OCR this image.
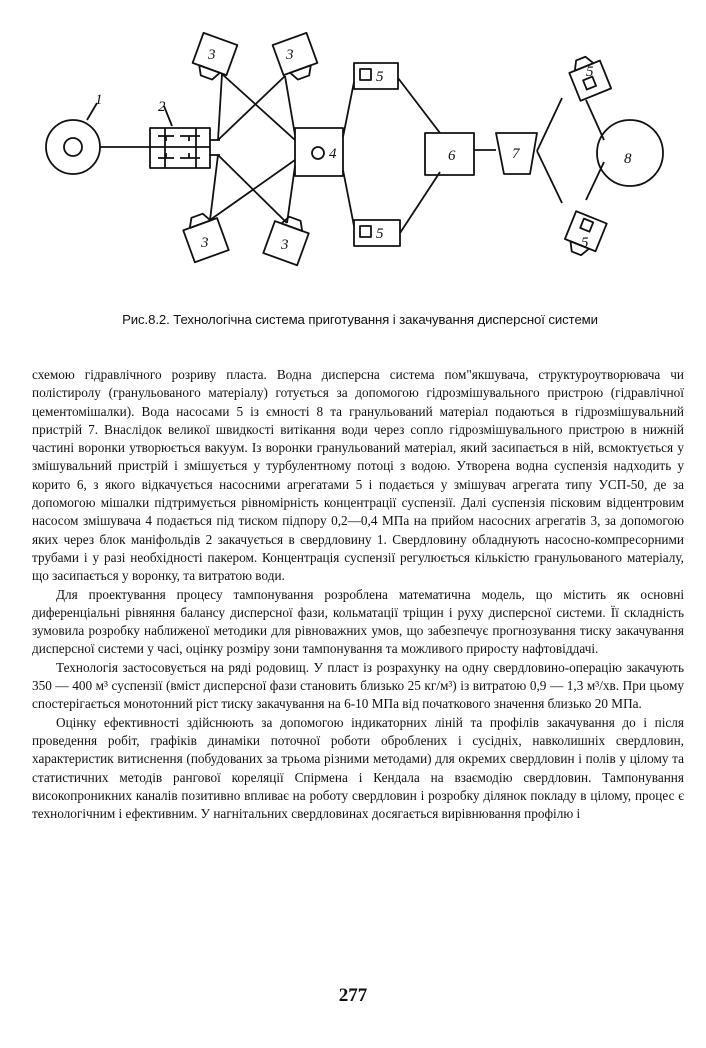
1	2
3	3
3	3
4
5
5
6	7
5
5
8
Рис.8.2. Технологічна система приготування і закачування дисперсної системи

схемою гідравлічного розриву пласта. Водна дисперсна система пом"якшувача, структуроутворювача чи полістиролу (гранульованого матеріалу) готується за допомогою гідрозмішувального пристрою (гідравлічної цементомішалки). Вода насосами 5 із ємності 8 та гранульований матеріал подаються в гідрозмішувальний пристрій 7. Внаслідок великої швидкості витікання води через сопло гідрозмішувального пристрою в нижній частині воронки утворюється вакуум. Із воронки гранульований матеріал, який засипається в ній, всмоктується у змішувальний пристрій і змішується у турбулентному потоці з водою. Утворена водна суспензія надходить у корито 6, з якого відкачується насосними агрегатами 5 і подається у змішувач агрегата типу УСП-50, де за допомогою мішалки підтримується рівномірність концентрації суспензії. Далі суспензія пісковим відцентровим насосом змішувача 4 подається під тиском підпору 0,2—0,4 МПа на прийом насосних агрегатів 3, за допомогою яких через блок маніфольдів 2 закачується в свердловину 1. Свердловину обладнують насосно-компресорними трубами і у разі необхідності пакером. Концентрація суспензії регулюється кількістю гранульованого матеріалу, що засипається у воронку, та витратою води.

Для проектування процесу тампонування розроблена математична модель, що містить як основні диференціальні рівняння балансу дисперсної фази, кольматації тріщин і руху дисперсної системи. Її складність зумовила розробку наближеної методики для рівноважних умов, що забезпечує прогнозування тиску закачування дисперсної системи у часі, оцінку розміру зони тампонування та можливого приросту нафтовіддачі.

Технологія застосовується на ряді родовищ. У пласт із розрахунку на одну свердловино-операцію закачують 350 — 400 м³ суспензії (вміст дисперсної фази становить близько 25 кг/м³) із витратою 0,9 — 1,3 м³/хв. При цьому споcтерігається монотонний ріст тиску закачування на 6-10 МПа від початкового значення близько 20 МПа.

Оцінку ефективності здійснюють за допомогою індикаторних ліній та профілів закачування до і після проведення робіт, графіків динаміки поточної роботи оброблених і сусідніх, навколишніх свердловин, характеристик витиснення (побудованих за трьома різними методами) для окремих свердловин і полів у цілому та статистичних методів рангової кореляції Спірмена і Кендала на взаємодію свердловин. Тампонування високопроникних каналів позитивно впливає на роботу свердловин і розробку ділянок покладу в цілому, процес є технологічним і ефективним. У нагнітальних свердловинах досягається вирівнювання профілю і

277
